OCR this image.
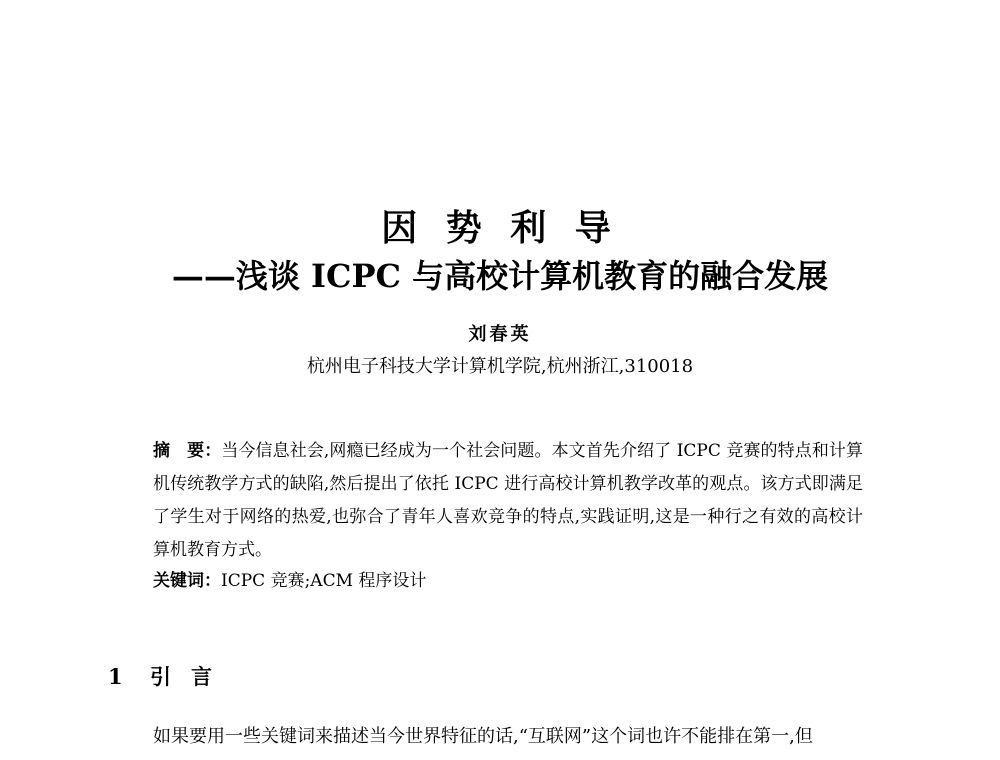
因 势 利 导
——浅谈 ICPC 与高校计算机教育的融合发展
刘春英
杭州电子科技大学计算机学院,杭州浙江,310018
摘　要：当今信息社会,网瘾已经成为一个社会问题。本文首先介绍了 ICPC 竞赛的特点和计算机传统教学方式的缺陷,然后提出了依托 ICPC 进行高校计算机教学改革的观点。该方式即满足了学生对于网络的热爱,也弥合了青年人喜欢竞争的特点,实践证明,这是一种行之有效的高校计算机教育方式。
关键词：ICPC 竞赛;ACM 程序设计
1 引言
如果要用一些关键词来描述当今世界特征的话,“互联网”这个词也许不能排在第一,但
